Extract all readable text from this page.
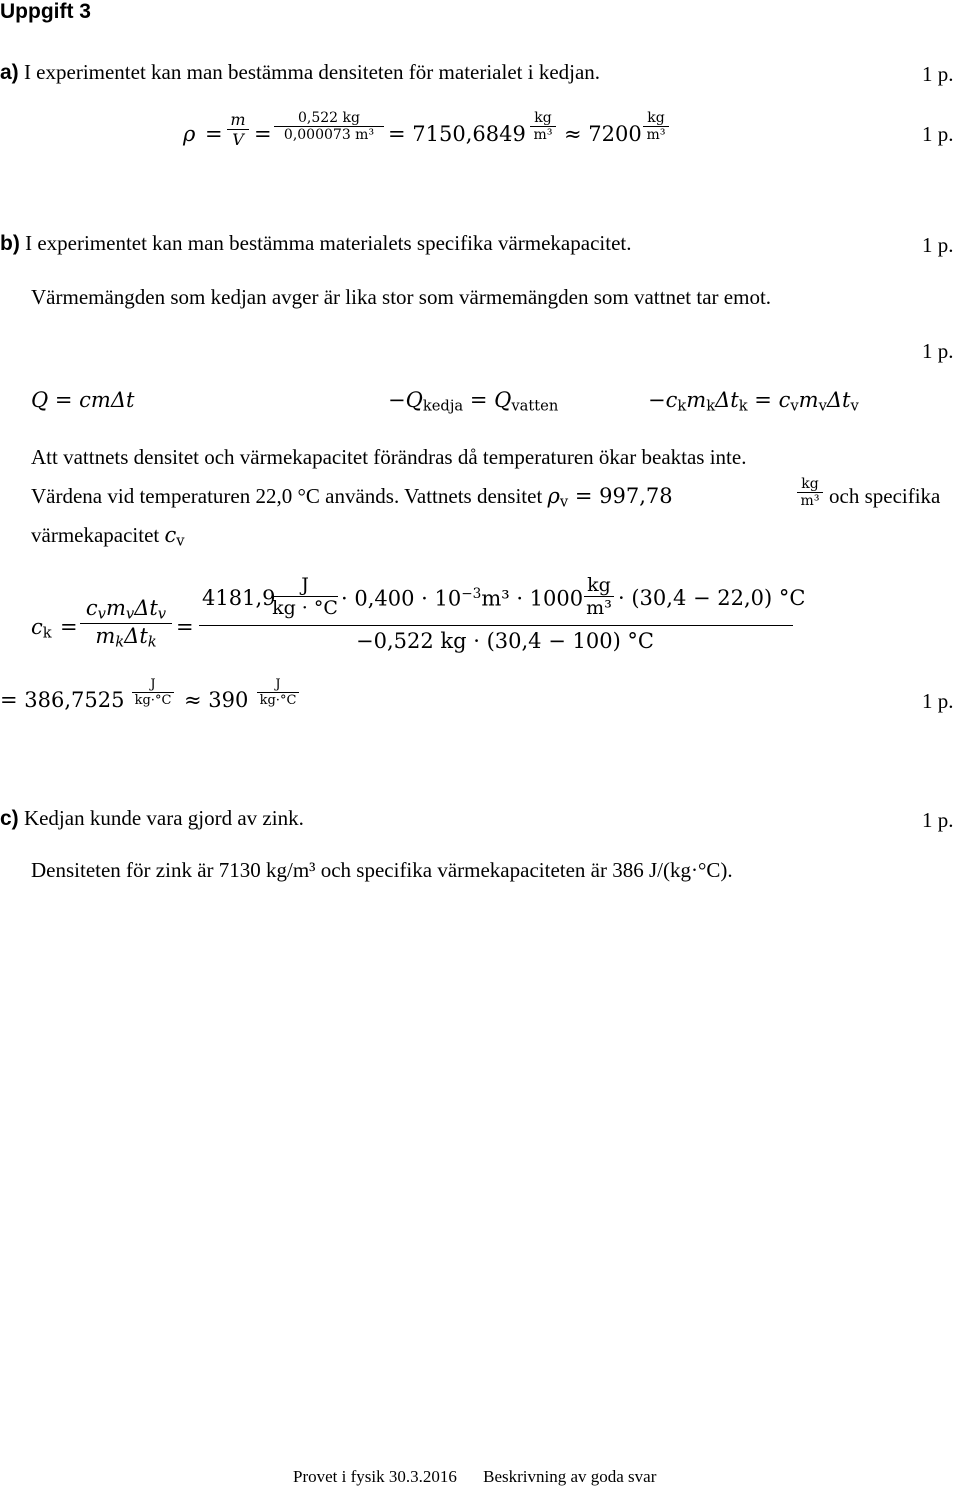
Uppgift 3
a) I experimentet kan man bestämma densiteten för materialet i kedjan.	1 p.
ρ =
m
V =
0,522 kg
0,000073 m³ = 7150,6849
kg
m³ ≈ 7200
kg
m³	1 p.
b) I experimentet kan man bestämma materialets specifika värmekapacitet.	1 p.
Värmemängden som kedjan avger är lika stor som värmemängden som vattnet tar emot.
1 p.
Q = cmΔt	$-Q_{kedja} = Q_{vatten}$	$-c_km_k\Delta t_k = c_vm_v\Delta t_v$
Att vattnets densitet och värmekapacitet förändras då temperaturen ökar beaktas inte.
Värdena vid temperaturen 22,0 °C används. Vattnets densitet $\rho_v = 997,78$	kg
m³ och specifika
värmekapacitet $c_v$
$c_k$ =
$c_vm_v\Delta t_v$
$m_k\Delta t_k$
=
4181,9
J
kg · $^\circ C \cdot 0,400 \cdot 10^{-3}m^3 \cdot 1000$
kg
m³ · (30,4 − 22,0) °C
−0,522 kg · (30,4 − 100) °C
= 386,7525
J
kg·°C ≈ 390
J
kg·°C	1 p.
c) Kedjan kunde vara gjord av zink.	1 p.
Densiteten för zink är 7130 kg/m³ och specifika värmekapaciteten är 386 J/(kg·°C).
Provet i fysik 30.3.2016 Beskrivning av goda svar
